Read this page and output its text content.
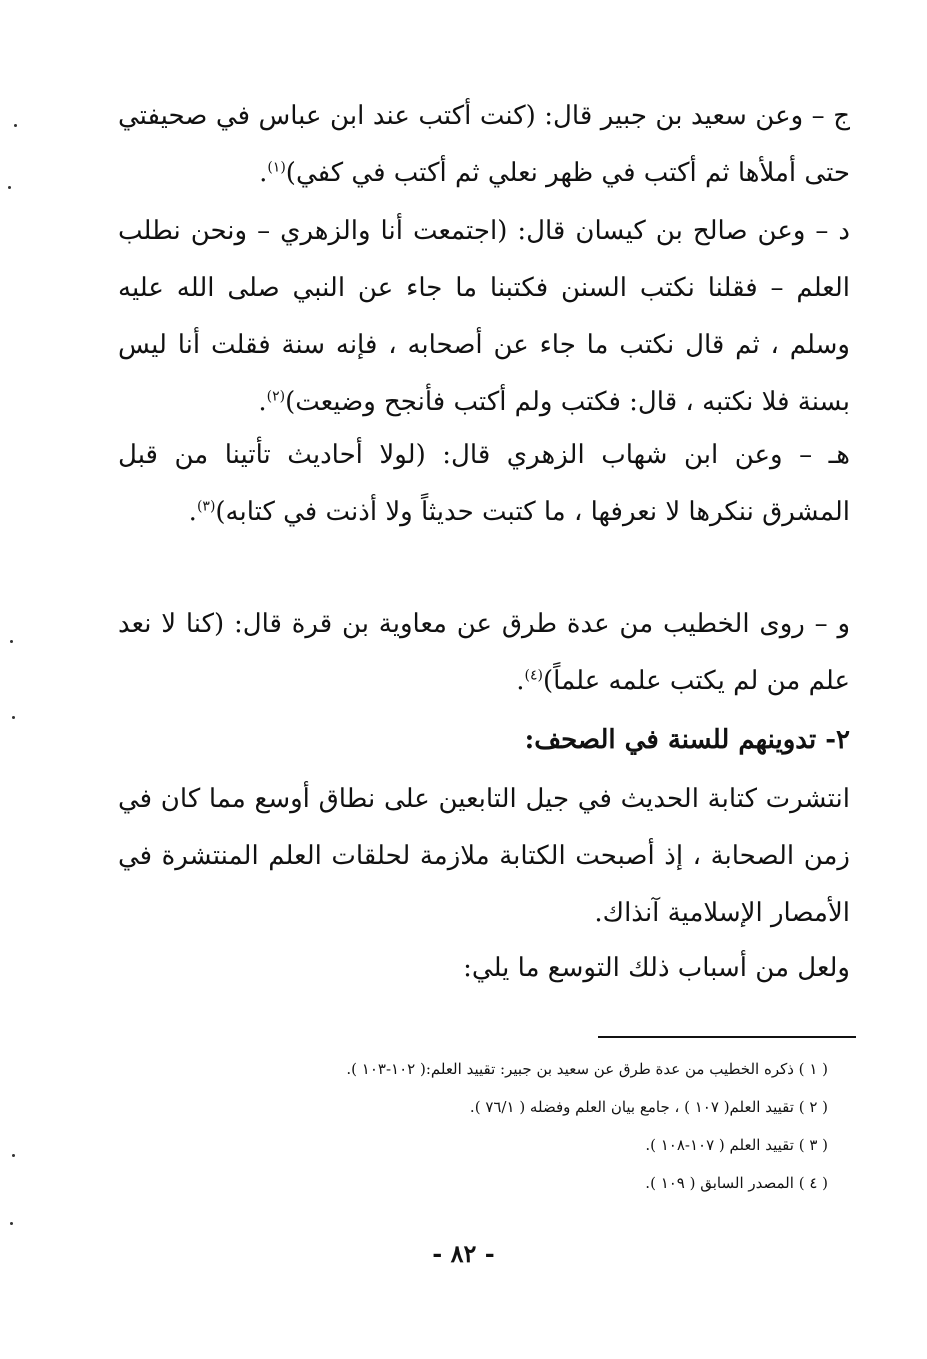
ج – وعن سعيد بن جبير قال: (كنت أكتب عند ابن عباس في صحيفتي حتى أملأها ثم أكتب في ظهر نعلي ثم أكتب في كفي)$^{(١)}$.

د – وعن صالح بن كيسان قال: (اجتمعت أنا والزهري – ونحن نطلب العلم – فقلنا نكتب السنن فكتبنا ما جاء عن النبي صلى الله عليه وسلم ، ثم قال نكتب ما جاء عن أصحابه ، فإنه سنة فقلت أنا ليس بسنة فلا نكتبه ، قال: فكتب ولم أكتب فأنجح وضيعت)$^{(٢)}$.

هـ – وعن ابن شهاب الزهري قال: (لولا أحاديث تأتينا من قبل المشرق ننكرها لا نعرفها ، ما كتبت حديثاً ولا أذنت في كتابه)$^{(٣)}$.

و – روى الخطيب من عدة طرق عن معاوية بن قرة قال: (كنا لا نعد علم من لم يكتب علمه علماً)$^{(٤)}$.

٢- تدوينهم للسنة في الصحف:

انتشرت كتابة الحديث في جيل التابعين على نطاق أوسع مما كان في زمن الصحابة ، إذ أصبحت الكتابة ملازمة لحلقات العلم المنتشرة في الأمصار الإسلامية آنذاك.

ولعل من أسباب ذلك التوسع ما يلي:

( ١ ) ذكره الخطيب من عدة طرق عن سعيد بن جبير: تقييد العلم:( ١٠٢-١٠٣ ).

( ٢ ) تقييد العلم( ١٠٧ ) ، جامع بيان العلم وفضله ( ٧٦/١ ).

( ٣ ) تقييد العلم ( ١٠٧-١٠٨ ).

( ٤ ) المصدر السابق ( ١٠٩ ).

- ٨٢ -
